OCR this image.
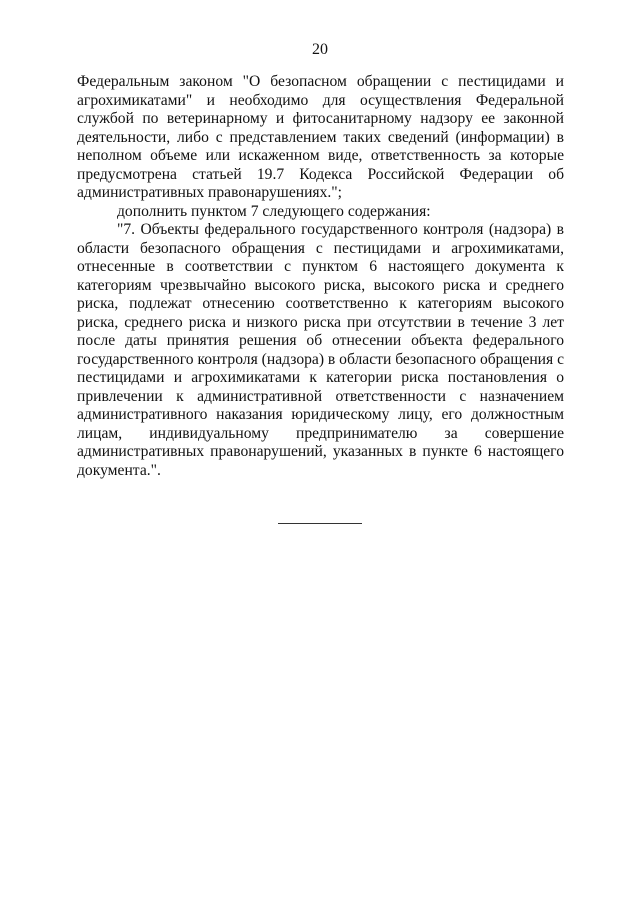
20

Федеральным законом "О безопасном обращении с пестицидами и агрохимикатами" и необходимо для осуществления Федеральной службой по ветеринарному и фитосанитарному надзору ее законной деятельности, либо с представлением таких сведений (информации) в неполном объеме или искаженном виде, ответственность за которые предусмотрена статьей 19.7 Кодекса Российской Федерации об административных правонарушениях.";

дополнить пунктом 7 следующего содержания:

"7. Объекты федерального государственного контроля (надзора) в области безопасного обращения с пестицидами и агрохимикатами, отнесенные в соответствии с пунктом 6 настоящего документа к категориям чрезвычайно высокого риска, высокого риска и среднего риска, подлежат отнесению соответственно к категориям высокого риска, среднего риска и низкого риска при отсутствии в течение 3 лет после даты принятия решения об отнесении объекта федерального государственного контроля (надзора) в области безопасного обращения с пестицидами и агрохимикатами к категории риска постановления о привлечении к административной ответственности с назначением административного наказания юридическому лицу, его должностным лицам, индивидуальному предпринимателю за совершение административных правонарушений, указанных в пункте 6 настоящего документа.".
